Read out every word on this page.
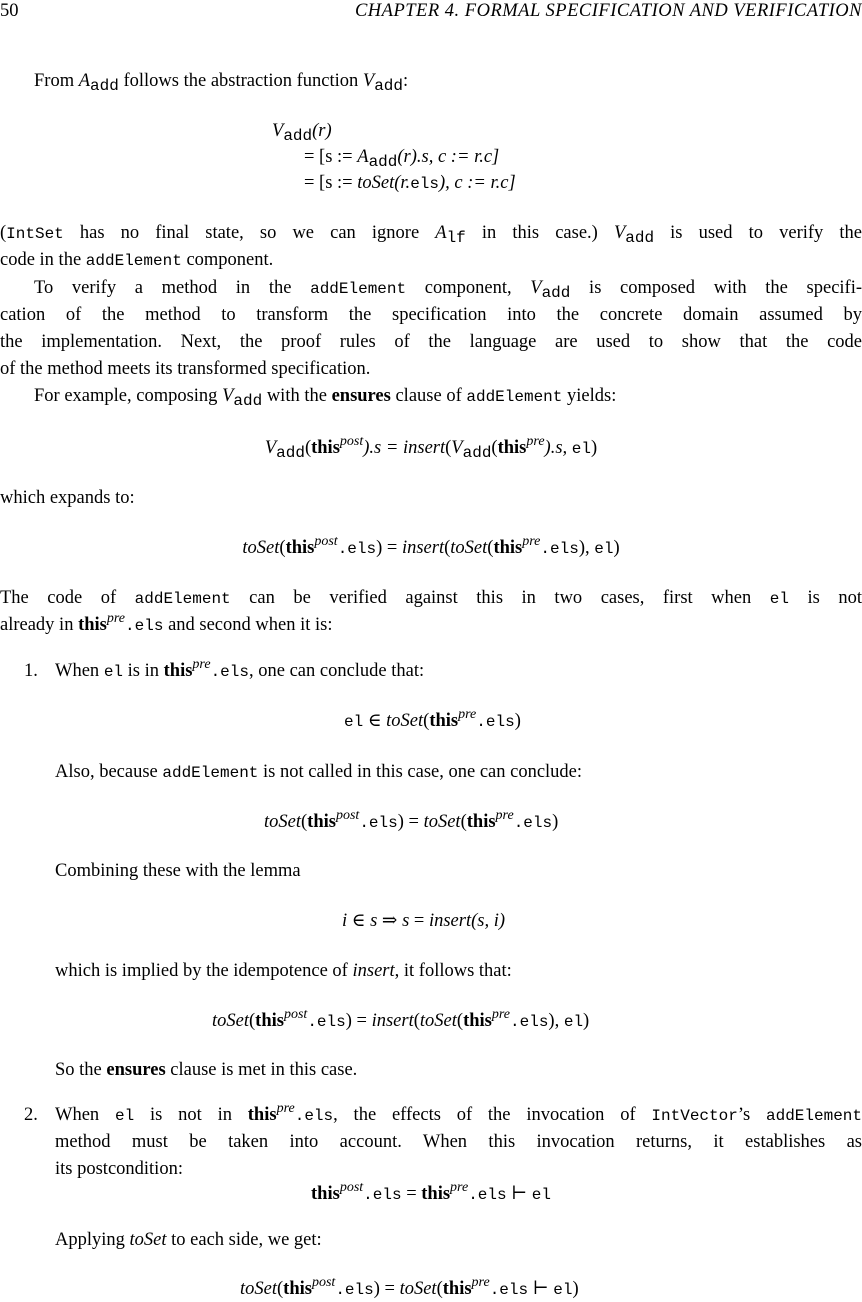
50	CHAPTER 4. FORMAL SPECIFICATION AND VERIFICATION
From $A_{add}$ follows the abstraction function $V_{add}$:
$V_{add}(r)$
= [s := $A_{add}(r).s$, c := r.c]
= [s := toSet(r.els), c := r.c]
(IntSet has no final state, so we can ignore $A_{lf}$ in this case.) $V_{add}$ is used to verify the
code in the addElement component.
To verify a method in the addElement component, $V_{add}$ is composed with the specifi-
cation of the method to transform the specification into the concrete domain assumed by
the implementation. Next, the proof rules of the language are used to show that the code
of the method meets its transformed specification.
For example, composing $V_{add}$ with the ensures clause of addElement yields:
$V_{add}(this^{post}).s$ = $insert(V_{add}(this^{pre}).s$, el)
which expands to:
toSet(this$^{post}$.els) = insert(toSet(this$^{pre}$.els), el)
The code of addElement can be verified against this in two cases, first when el is not
already in this$^{pre}$.els and second when it is:
1. When el is in this$^{pre}$.els, one can conclude that:
el ∈ toSet(this$^{pre}$.els)
Also, because addElement is not called in this case, one can conclude:
toSet(this$^{post}$.els) = toSet(this$^{pre}$.els)
Combining these with the lemma
i ∈ s ⇒ s = insert(s, i)
which is implied by the idempotence of insert, it follows that:
toSet(this$^{post}$.els) = insert(toSet(this$^{pre}$.els), el)
So the ensures clause is met in this case.
2. When el is not in this$^{pre}$.els, the effects of the invocation of IntVector’s addElement
method must be taken into account. When this invocation returns, it establishes as
its postcondition:
this$^{post}$.els = this$^{pre}$.els ⊢ el
Applying toSet to each side, we get:
toSet(this$^{post}$.els) = toSet(this$^{pre}$.els ⊢ el)
